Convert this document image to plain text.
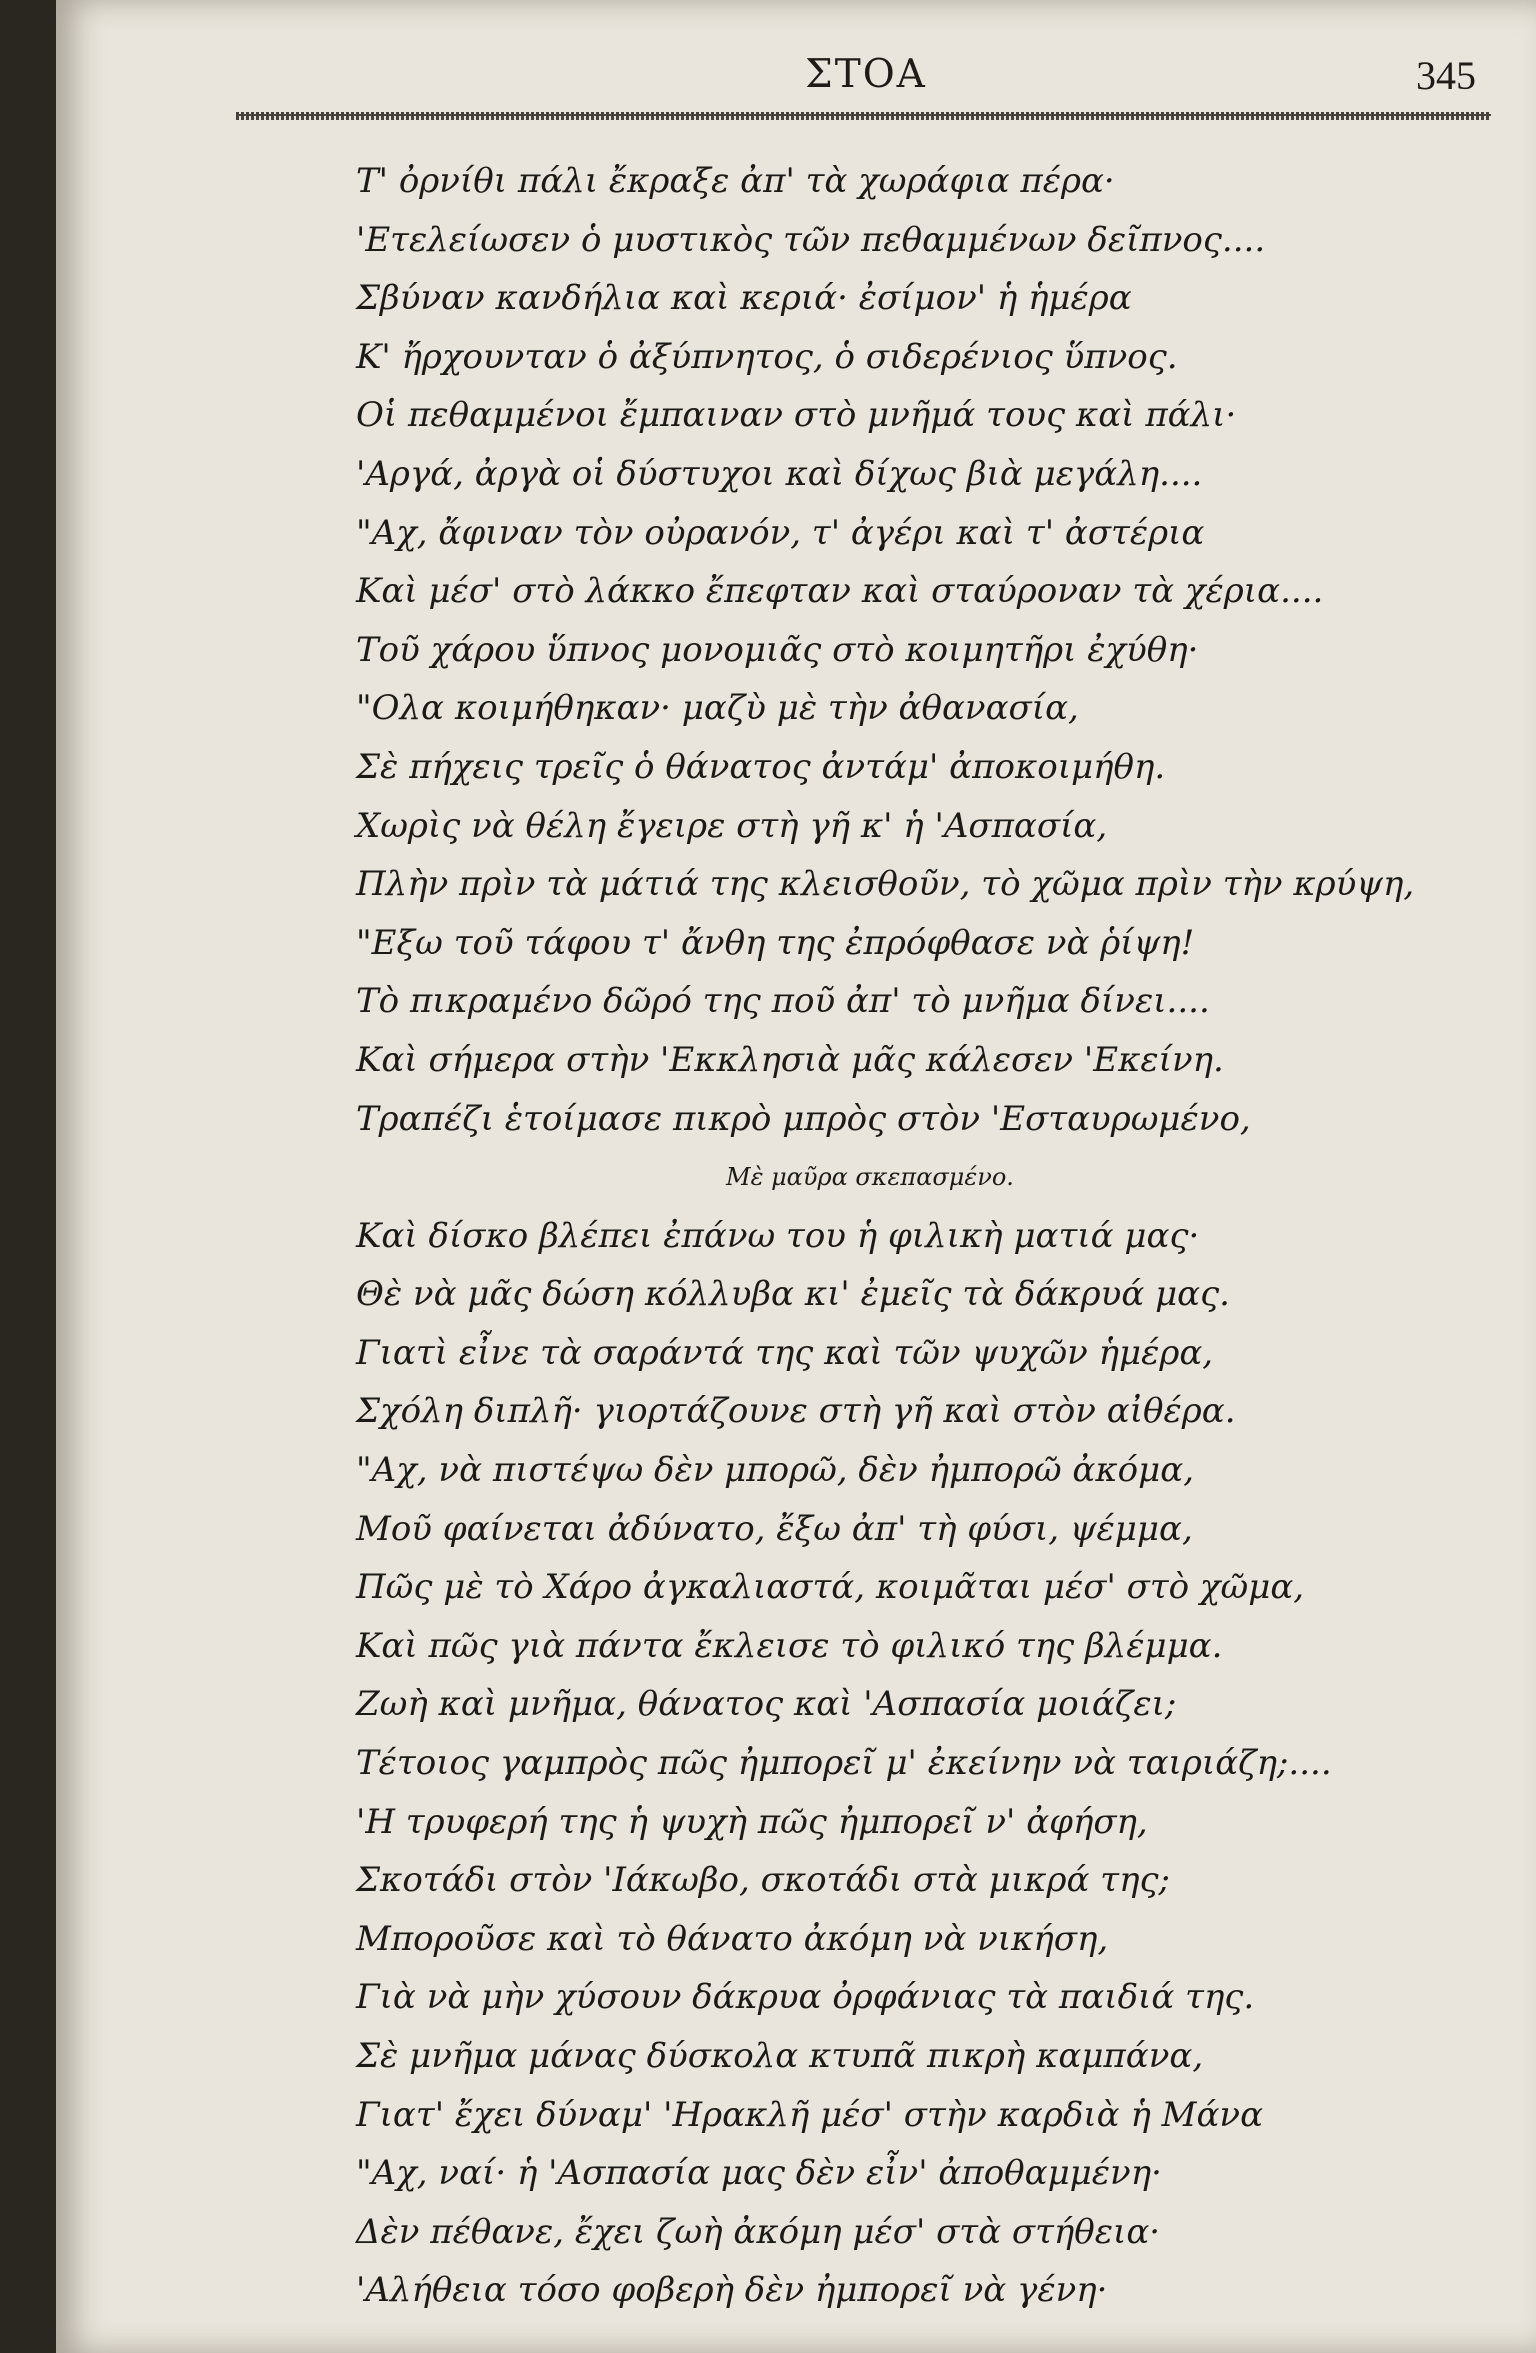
ΣΤΟΑ	345
Τ' ὀρνίθι πάλι ἔκραξε ἀπ' τὰ χωράφια πέρα·
'Ετελείωσεν ὁ μυστικὸς τῶν πεθαμμένων δεῖπνος....
Σβύναν κανδήλια καὶ κεριά· ἐσίμον' ἡ ἡμέρα
Κ' ἤρχουνταν ὁ ἀξύπνητος, ὁ σιδερένιος ὕπνος.
Οἱ πεθαμμένοι ἔμπαιναν στὸ μνῆμά τους καὶ πάλι·
'Αργά, ἀργὰ οἱ δύστυχοι καὶ δίχως βιὰ μεγάλη....
"Αχ, ἄφιναν τὸν οὐρανόν, τ' ἀγέρι καὶ τ' ἀστέρια
Καὶ μέσ' στὸ λάκκο ἔπεφταν καὶ σταύροναν τὰ χέρια....
Τοῦ χάρου ὕπνος μονομιᾶς στὸ κοιμητῆρι ἐχύθη·
"Ολα κοιμήθηκαν· μαζὺ μὲ τὴν ἀθανασία,
Σὲ πήχεις τρεῖς ὁ θάνατος ἀντάμ' ἀποκοιμήθη.
Χωρὶς νὰ θέλη ἔγειρε στὴ γῆ κ' ἡ 'Ασπασία,
Πλὴν πρὶν τὰ μάτιά της κλεισθοῦν, τὸ χῶμα πρὶν τὴν κρύψη,
"Εξω τοῦ τάφου τ' ἄνθη της ἐπρόφθασε νὰ ῥίψη!
Τὸ πικραμένο δῶρό της ποῦ ἀπ' τὸ μνῆμα δίνει....
Καὶ σήμερα στὴν 'Εκκλησιὰ μᾶς κάλεσεν 'Εκείνη.
Τραπέζι ἑτοίμασε πικρὸ μπρὸς στὸν 'Εσταυρωμένο,
Μὲ μαῦρα σκεπασμένο.
Καὶ δίσκο βλέπει ἐπάνω του ἡ φιλικὴ ματιά μας·
Θὲ νὰ μᾶς δώση κόλλυβα κι' ἐμεῖς τὰ δάκρυά μας.
Γιατὶ εἶνε τὰ σαράντά της καὶ τῶν ψυχῶν ἡμέρα,
Σχόλη διπλῆ· γιορτάζουνε στὴ γῆ καὶ στὸν αἰθέρα.
"Αχ, νὰ πιστέψω δὲν μπορῶ, δὲν ἠμπορῶ ἀκόμα,
Μοῦ φαίνεται ἀδύνατο, ἔξω ἀπ' τὴ φύσι, ψέμμα,
Πῶς μὲ τὸ Χάρο ἀγκαλιαστά, κοιμᾶται μέσ' στὸ χῶμα,
Καὶ πῶς γιὰ πάντα ἔκλεισε τὸ φιλικό της βλέμμα.
Ζωὴ καὶ μνῆμα, θάνατος καὶ 'Ασπασία μοιάζει;
Τέτοιος γαμπρὸς πῶς ἠμπορεῖ μ' ἐκείνην νὰ ταιριάζη;....
'Η τρυφερή της ἡ ψυχὴ πῶς ἠμπορεῖ ν' ἀφήση,
Σκοτάδι στὸν 'Ιάκωβο, σκοτάδι στὰ μικρά της;
Μποροῦσε καὶ τὸ θάνατο ἀκόμη νὰ νικήση,
Γιὰ νὰ μὴν χύσουν δάκρυα ὀρφάνιας τὰ παιδιά της.
Σὲ μνῆμα μάνας δύσκολα κτυπᾶ πικρὴ καμπάνα,
Γιατ' ἔχει δύναμ' 'Ηρακλῆ μέσ' στὴν καρδιὰ ἡ Μάνα
"Αχ, ναί· ἡ 'Ασπασία μας δὲν εἶν' ἀποθαμμένη·
Δὲν πέθανε, ἔχει ζωὴ ἀκόμη μέσ' στὰ στήθεια·
'Αλήθεια τόσο φοβερὴ δὲν ἠμπορεῖ νὰ γένη·
